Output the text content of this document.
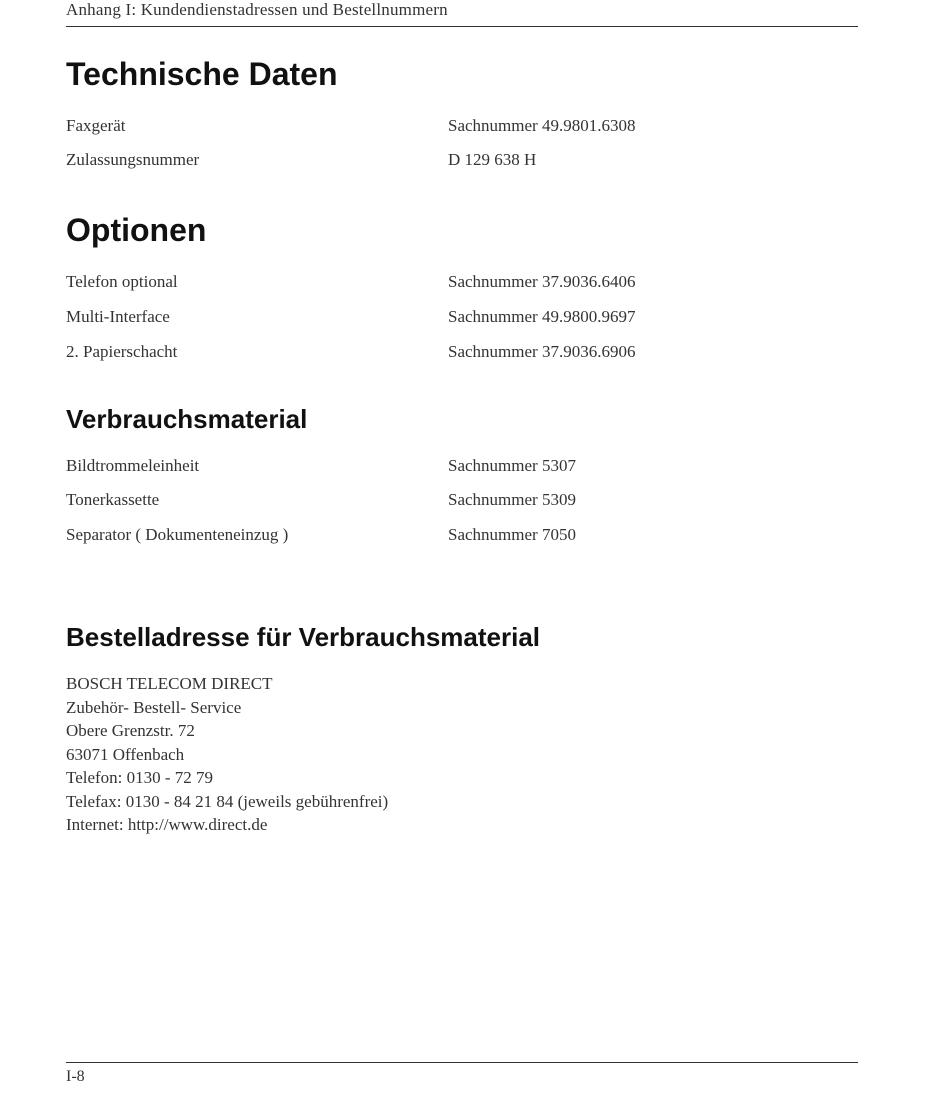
Anhang I: Kundendienstadressen und Bestellnummern
Technische Daten
Faxgerät	Sachnummer 49.9801.6308
Zulassungsnummer	D 129 638 H
Optionen
Telefon optional	Sachnummer 37.9036.6406
Multi-Interface	Sachnummer 49.9800.9697
2. Papierschacht	Sachnummer 37.9036.6906
Verbrauchsmaterial
Bildtrommeleinheit	Sachnummer 5307
Tonerkassette	Sachnummer 5309
Separator ( Dokumenteneinzug )	Sachnummer 7050
Bestelladresse für Verbrauchsmaterial
BOSCH TELECOM DIRECT
Zubehör- Bestell- Service
Obere Grenzstr. 72
63071 Offenbach
Telefon: 0130 - 72 79
Telefax: 0130 - 84 21 84 (jeweils gebührenfrei)
Internet: http://www.direct.de
I-8
